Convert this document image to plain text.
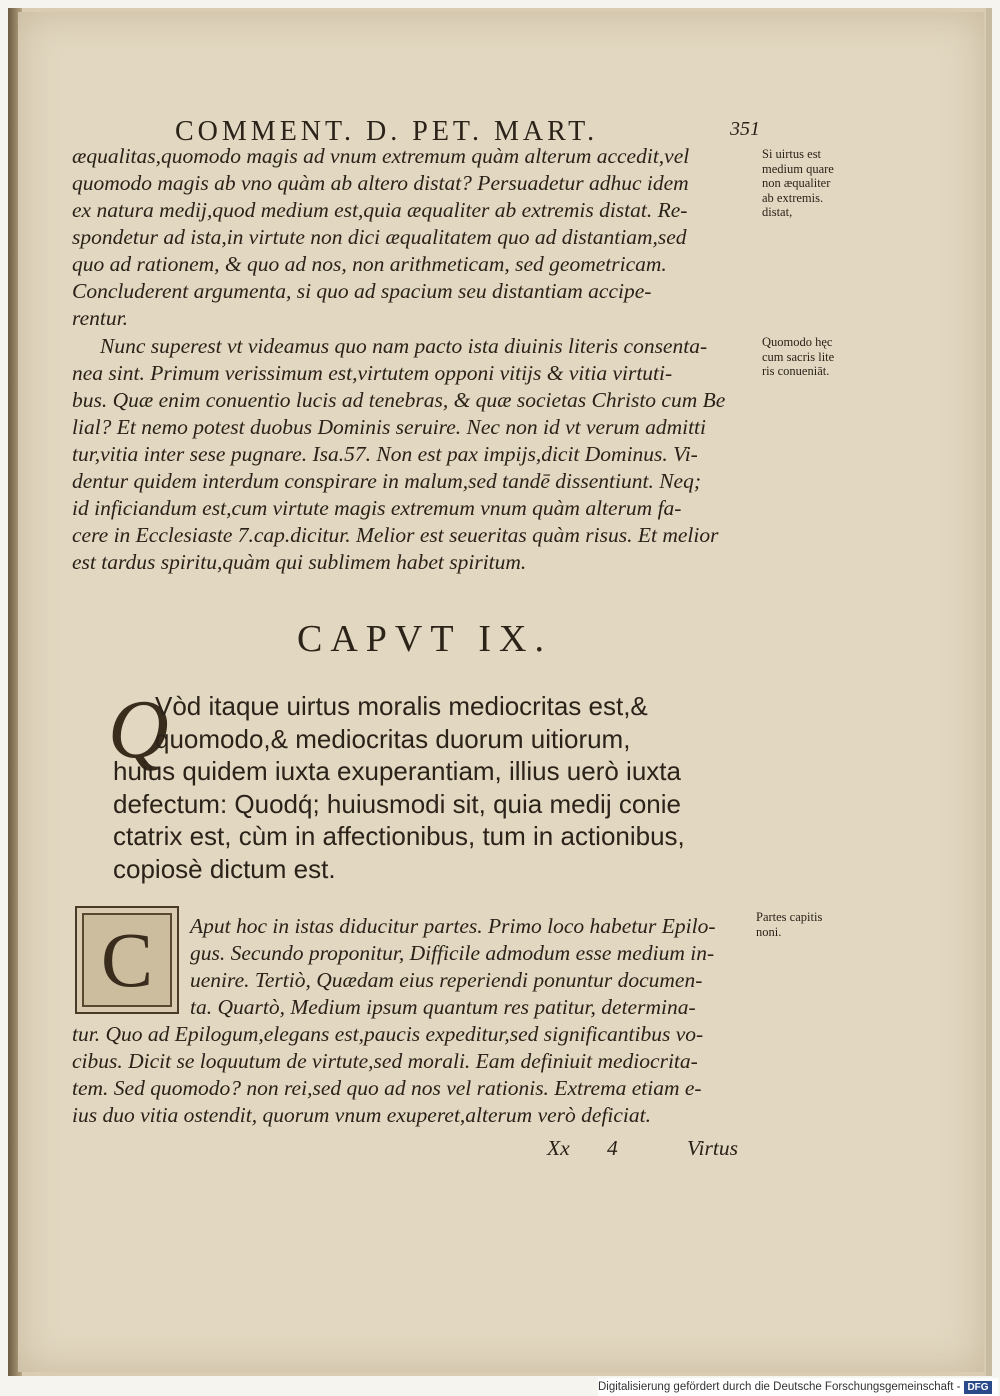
COMMENT. D. PET. MART.	351
æqualitas,quomodo magis ad vnum extremum quàm alterum accedit,vel
quomodo magis ab vno quàm ab altero distat? Persuadetur adhuc idem
ex natura medij,quod medium est,quia æqualiter ab extremis distat. Re-
spondetur ad ista,in virtute non dici æqualitatem quo ad distantiam,sed
quo ad rationem, & quo ad nos, non arithmeticam, sed geometricam.
Concluderent argumenta, si quo ad spacium seu distantiam accipe-
rentur.
Nunc superest vt videamus quo nam pacto ista diuinis literis consenta-
nea sint. Primum verissimum est,virtutem opponi vitijs & vitia virtuti-
bus. Quæ enim conuentio lucis ad tenebras, & quæ societas Christo cum Be
lial? Et nemo potest duobus Dominis seruire. Nec non id vt verum admitti
tur,vitia inter sese pugnare. Isa.57. Non est pax impijs,dicit Dominus. Vi-
dentur quidem interdum conspirare in malum,sed tandē dissentiunt. Neq;
id inficiandum est,cum virtute magis extremum vnum quàm alterum fa-
cere in Ecclesiaste 7.cap.dicitur. Melior est seueritas quàm risus. Et melior
est tardus spiritu,quàm qui sublimem habet spiritum.
CAPVT IX.
Q
Vòd itaque uirtus moralis mediocritas est,&
quomodo,& mediocritas duorum uitiorum,
huius quidem iuxta exuperantiam, illius uerò iuxta
defectum: Quodq́; huiusmodi sit, quia medij conie
ctatrix est, cùm in affectionibus, tum in actionibus,
copiosè dictum est.
C	Aput hoc in istas diducitur partes. Primo loco habetur Epilo-
gus. Secundo proponitur, Difficile admodum esse medium in-
uenire. Tertiò, Quædam eius reperiendi ponuntur documen-
ta. Quartò, Medium ipsum quantum res patitur, determina-
tur. Quo ad Epilogum,elegans est,paucis expeditur,sed significantibus vo-
cibus. Dicit se loquutum de virtute,sed morali. Eam definiuit mediocrita-
tem. Sed quomodo? non rei,sed quo ad nos vel rationis. Extrema etiam e-
ius duo vitia ostendit, quorum vnum exuperet,alterum verò deficiat.
Xx 4	Virtus
Si uirtus est
medium quare
non æqualiter
ab extremis.
distat,
Quomodo hęc
cum sacris lite
ris conueniāt.
Partes capitis
noni.
Digitalisierung gefördert durch die Deutsche Forschungsgemeinschaft - DFG
